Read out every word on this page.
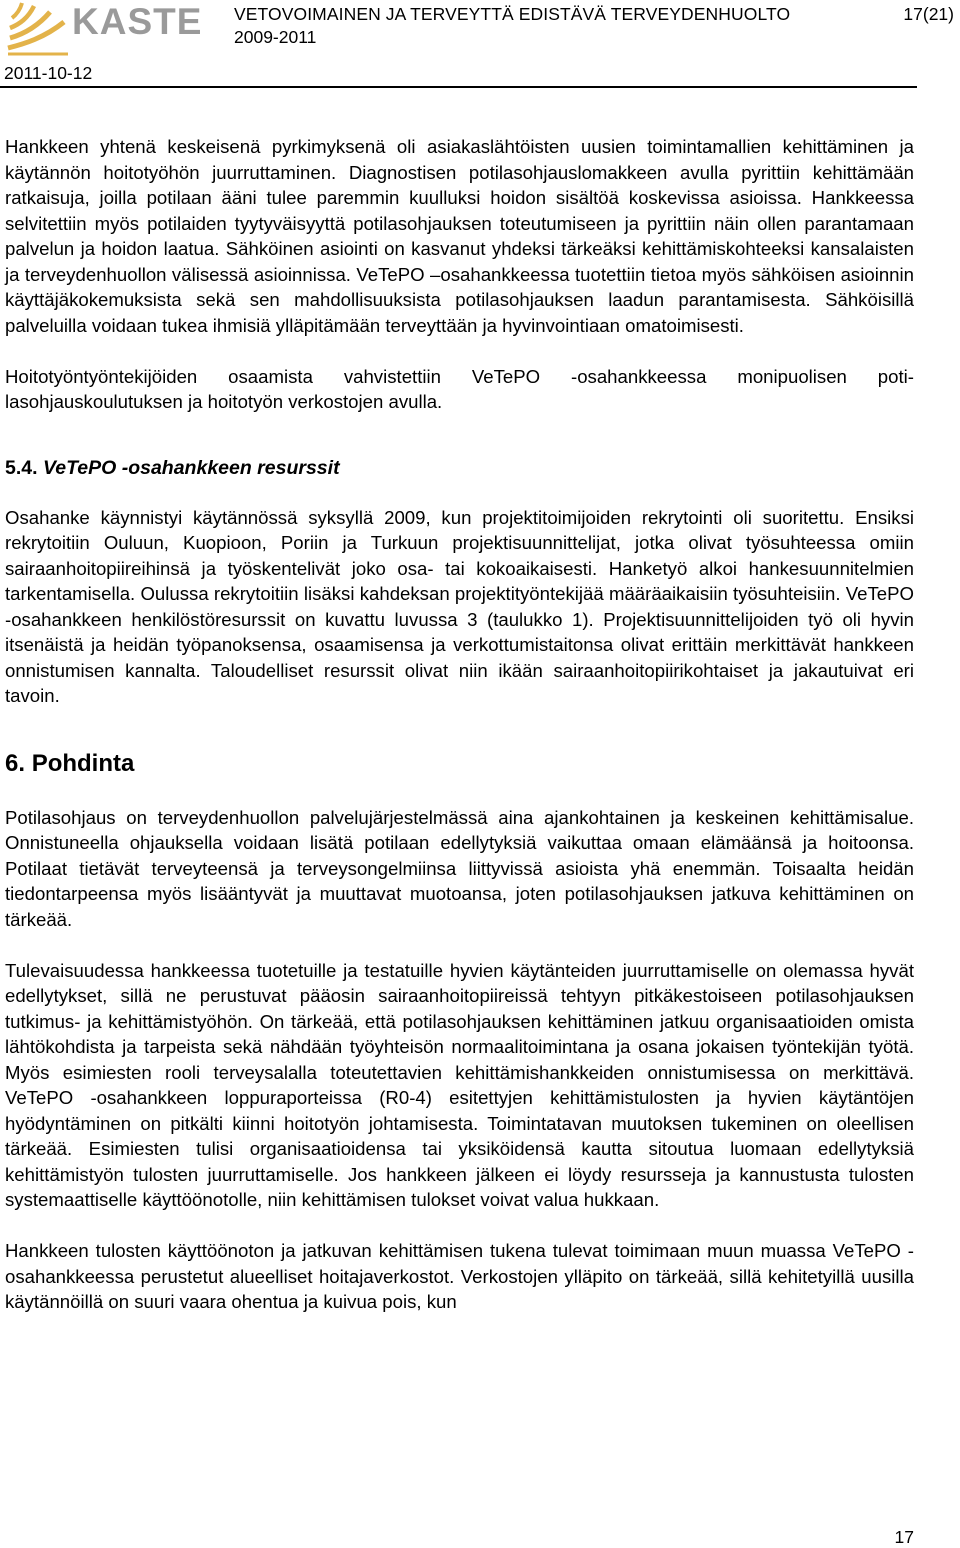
KASTE VETOVOIMAINEN JA TERVEYTTÄ EDISTÄVÄ TERVEYDENHUOLTO
2009-2011
17(21)
2011-10-12

Hankkeen yhtenä keskeisenä pyrkimyksenä oli asiakaslähtöisten uusien toimintamallien kehittäminen ja käytännön hoitotyöhön juurruttaminen. Diagnostisen potilasohjauslomakkeen avulla pyrittiin kehittämään ratkaisuja, joilla potilaan ääni tulee paremmin kuulluksi hoidon sisältöä koskevissa asioissa. Hankkeessa selvitettiin myös potilaiden tyytyväisyyttä potilasohjauksen toteutumiseen ja pyrittiin näin ollen parantamaan palvelun ja hoidon laatua. Sähköinen asiointi on kasvanut yhdeksi tärkeäksi kehittämiskohteeksi kansalaisten ja terveydenhuollon välisessä asioinnissa. VeTePO –osahankkeessa tuotettiin tietoa myös sähköisen asioinnin käyttäjäkokemuksista sekä sen mahdollisuuksista potilasohjauksen laadun parantamisesta. Sähköisillä palveluilla voidaan tukea ihmisiä ylläpitämään terveyttään ja hyvinvointiaan omatoimisesti.

Hoitotyöntyöntekijöiden osaamista vahvistettiin VeTePO -osahankkeessa monipuolisen potilasohjauskoulutuksen ja hoitotyön verkostojen avulla.

5.4. VeTePO -osahankkeen resurssit

Osahanke käynnistyi käytännössä syksyllä 2009, kun projektitoimijoiden rekrytointi oli suoritettu. Ensiksi rekrytoitiin Ouluun, Kuopioon, Poriin ja Turkuun projektisuunnittelijat, jotka olivat työsuhteessa omiin sairaanhoitopiireihinsä ja työskentelivät joko osa- tai kokoaikaisesti. Hanketyö alkoi hankesuunnitelmien tarkentamisella. Oulussa rekrytoitiin lisäksi kahdeksan projektityöntekijää määräaikaisiin työsuhteisiin. VeTePO -osahankkeen henkilöstöresurssit on kuvattu luvussa 3 (taulukko 1). Projektisuunnittelijoiden työ oli hyvin itsenäistä ja heidän työpanoksensa, osaamisensa ja verkottumistaitonsa olivat erittäin merkittävät hankkeen onnistumisen kannalta. Taloudelliset resurssit olivat niin ikään sairaanhoitopiirikohtaiset ja jakautuivat eri tavoin.

6. Pohdinta

Potilasohjaus on terveydenhuollon palvelujärjestelmässä aina ajankohtainen ja keskeinen kehittämisalue. Onnistuneella ohjauksella voidaan lisätä potilaan edellytyksiä vaikuttaa omaan elämäänsä ja hoitoonsa. Potilaat tietävät terveyteensä ja terveysongelmiinsa liittyvissä asioista yhä enemmän. Toisaalta heidän tiedontarpeensa myös lisääntyvät ja muuttavat muotoansa, joten potilasohjauksen jatkuva kehittäminen on tärkeää.

Tulevaisuudessa hankkeessa tuotetuille ja testatuille hyvien käytänteiden juurruttamiselle on olemassa hyvät edellytykset, sillä ne perustuvat pääosin sairaanhoitopiireissä tehtyyn pitkäkestoiseen potilasohjauksen tutkimus- ja kehittämistyöhön. On tärkeää, että potilasohjauksen kehittäminen jatkuu organisaatioiden omista lähtökohdista ja tarpeista sekä nähdään työyhteisön normaalitoimintana ja osana jokaisen työntekijän työtä. Myös esimiesten rooli terveysalalla toteutettavien kehittämishankkeiden onnistumisessa on merkittävä. VeTePO -osahankkeen loppuraporteissa (R0-4) esitettyjen kehittämistulosten ja hyvien käytäntöjen hyödyntäminen on pitkälti kiinni hoitotyön johtamisesta. Toimintatavan muutoksen tukeminen on oleellisen tärkeää. Esimiesten tulisi organisaatioidensa tai yksiköidensä kautta sitoutua luomaan edellytyksiä kehittämistyön tulosten juurruttamiselle. Jos hankkeen jälkeen ei löydy resursseja ja kannustusta tulosten systemaattiselle käyttöönotolle, niin kehittämisen tulokset voivat valua hukkaan.

Hankkeen tulosten käyttöönoton ja jatkuvan kehittämisen tukena tulevat toimimaan muun muassa VeTePO -osahankkeessa perustetut alueelliset hoitajaverkostot. Verkostojen ylläpito on tärkeää, sillä kehitetyillä uusilla käytännöillä on suuri vaara ohentua ja kuivua pois, kun

17
